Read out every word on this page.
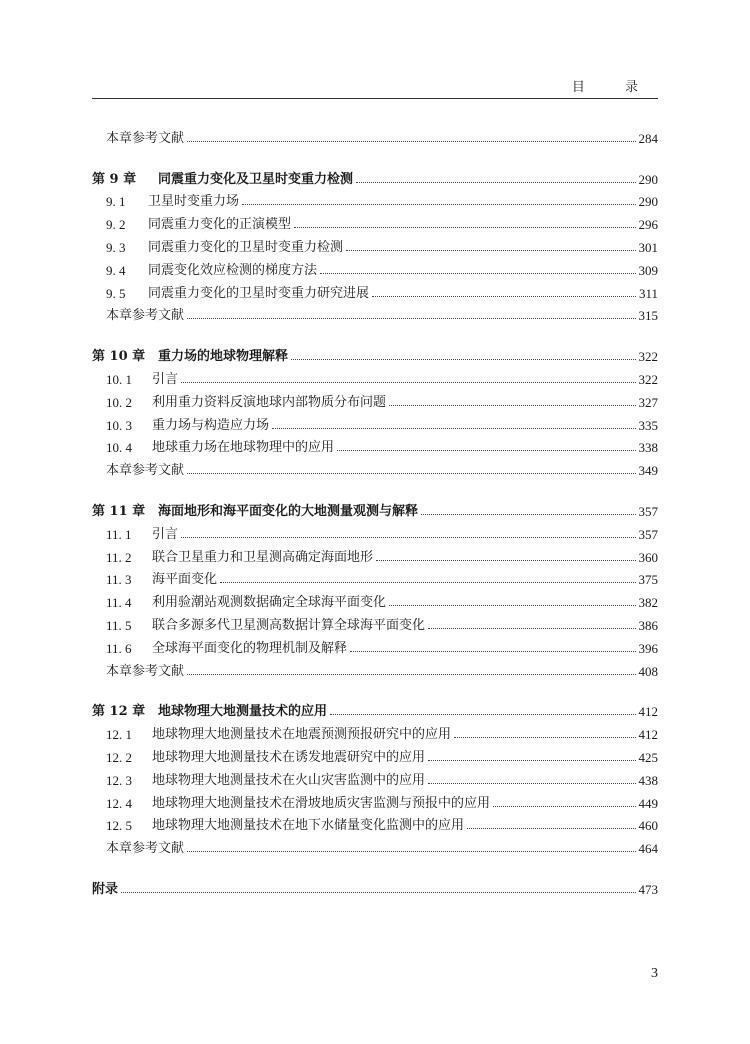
目 录
本章参考文献	284
第 9 章	同震重力变化及卫星时变重力检测	290
9. 1	卫星时变重力场	290
9. 2	同震重力变化的正演模型	296
9. 3	同震重力变化的卫星时变重力检测	301
9. 4	同震变化效应检测的梯度方法	309
9. 5	同震重力变化的卫星时变重力研究进展	311
本章参考文献	315
第 10 章 重力场的地球物理解释	322
10. 1	引言	322
10. 2	利用重力资料反演地球内部物质分布问题	327
10. 3	重力场与构造应力场	335
10. 4	地球重力场在地球物理中的应用	338
本章参考文献	349
第 11 章 海面地形和海平面变化的大地测量观测与解释	357
11. 1	引言	357
11. 2	联合卫星重力和卫星测高确定海面地形	360
11. 3	海平面变化	375
11. 4	利用验潮站观测数据确定全球海平面变化	382
11. 5	联合多源多代卫星测高数据计算全球海平面变化	386
11. 6	全球海平面变化的物理机制及解释	396
本章参考文献	408
第 12 章 地球物理大地测量技术的应用	412
12. 1	地球物理大地测量技术在地震预测预报研究中的应用	412
12. 2	地球物理大地测量技术在诱发地震研究中的应用	425
12. 3	地球物理大地测量技术在火山灾害监测中的应用	438
12. 4	地球物理大地测量技术在滑坡地质灾害监测与预报中的应用	449
12. 5	地球物理大地测量技术在地下水储量变化监测中的应用	460
本章参考文献	464
附录	473
3
